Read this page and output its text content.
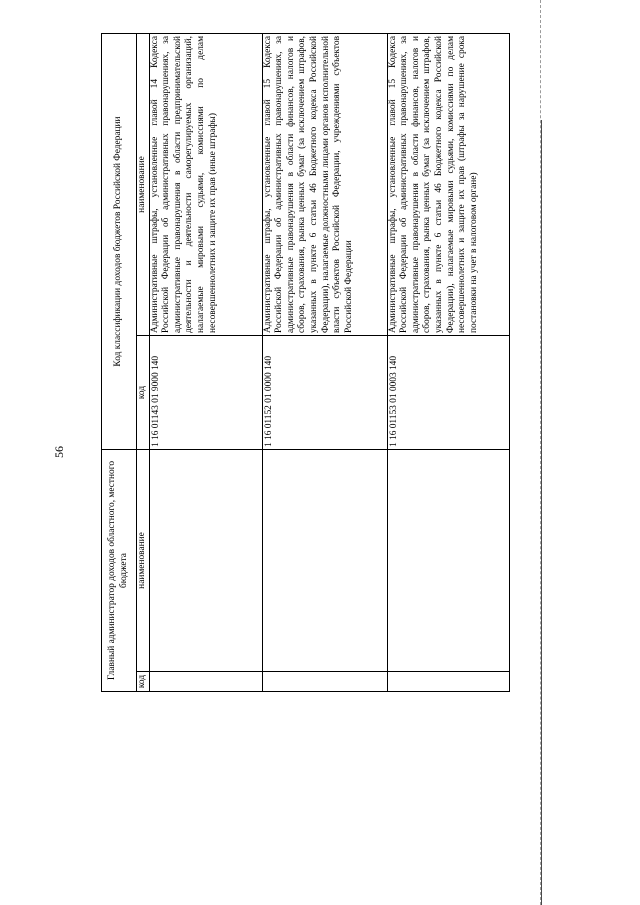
56
Главный администратор доходов областного, местного бюджета		Код классификации доходов бюджетов Российской Федерации	
код	наименование	код	наименование
		1 16 01143 01 9000 140	Административные штрафы, установленные главой 14 Кодекса Российской Федерации об административных правонарушениях, за административные правонарушения в области предпринимательской деятельности и деятельности саморегулируемых организаций, налагаемые мировыми судьями, комиссиями по делам несовершеннолетних и защите их прав (иные штрафы)
		1 16 01152 01 0000 140	Административные штрафы, установленные главой 15 Кодекса Российской Федерации об административных правонарушениях, за административные правонарушения в области финансов, налогов и сборов, страхования, рынка ценных бумаг (за исключением штрафов, указанных в пункте 6 статьи 46 Бюджетного кодекса Российской Федерации), налагаемые должностными лицами органов исполнительной власти субъектов Российской Федерации, учреждениями субъектов Российской Федерации
		1 16 01153 01 0003 140	Административные штрафы, установленные главой 15 Кодекса Российской Федерации об административных правонарушениях, за административные правонарушения в области финансов, налогов и сборов, страхования, рынка ценных бумаг (за исключением штрафов, указанных в пункте 6 статьи 46 Бюджетного кодекса Российской Федерации), налагаемые мировыми судьями, комиссиями по делам несовершеннолетних и защите их прав (штрафы за нарушение срока постановки на учет в налоговом органе)
